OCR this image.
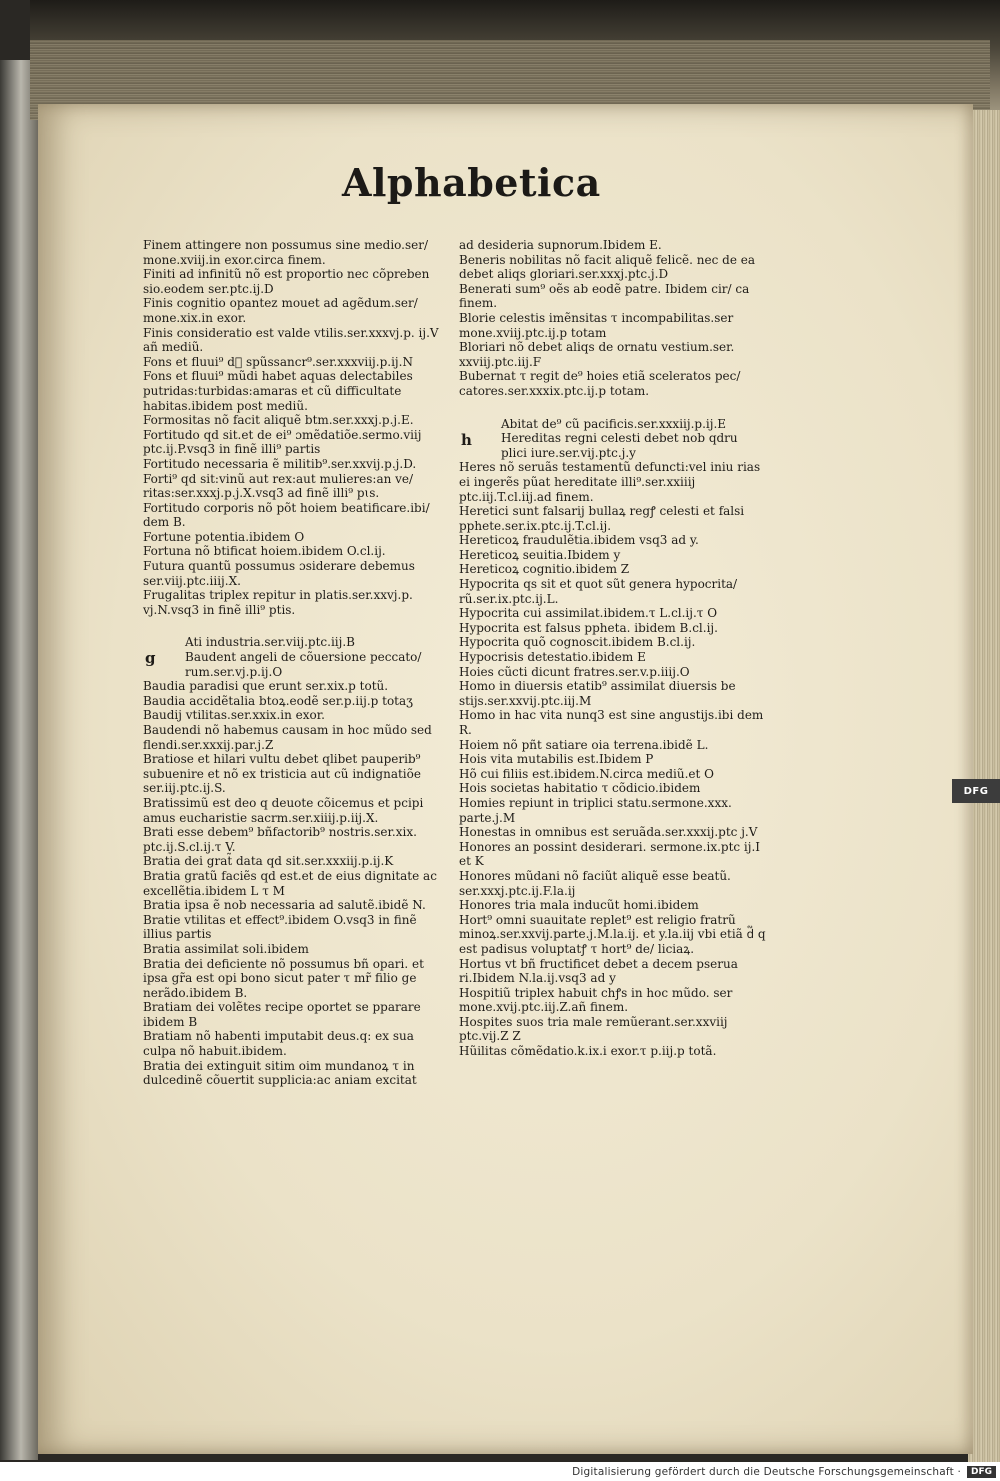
DFG
Alphabetica

Finem attingere non possumus sine medio.ser/ mone.xviij.in exor.circa finem.

Finiti ad infinitũ nõ est proportio nec cõpreben sio.eodem ser.ptc.ij.D

Finis cognitio opantez mouet ad agẽdum.ser/ mone.xix.in exor.

Finis consideratio est valde vtilis.ser.xxxvj.p. ij.V añ mediũ.

Fons et fluui⁹ d᷑ spũssancr⁹.ser.xxxviij.p.ij.N

Fons et fluui⁹ mũdi habet aquas delectabiles putridas:turbidas:amaras et cũ difficultate habitas.ibidem post mediũ.

Formositas nõ facit aliquẽ btm.ser.xxxj.p.j.E.

Fortitudo qd sit.et de ei⁹ ɔmẽdatiõe.sermo.viij ptc.ij.P.vsq3 in finẽ illi⁹ partis

Fortitudo necessaria ẽ militib⁹.ser.xxvij.p.j.D.

Forti⁹ qd sit:vinũ aut rex:aut mulieres:an ve/ ritas:ser.xxxj.p.j.X.vsq3 ad finẽ illi⁹ pɩs.

Fortitudo corporis nõ põt hoiem beatificare.ibi/ dem B.

Fortune potentia.ibidem O

Fortuna nõ btificat hoiem.ibidem O.cl.ij.

Futura quantũ possumus ɔsiderare debemus ser.viij.ptc.iiij.X.

Frugalitas triplex repitur in platis.ser.xxvj.p. vj.N.vsq3 in finẽ illi⁹ ptis.

g

Ati industria.ser.viij.ptc.iij.B

Baudent angeli de cõuersione peccato/ rum.ser.vj.p.ij.O

Baudia paradisi que erunt ser.xix.p totũ.

Baudia accidẽtalia btoꝝ.eodẽ ser.p.iij.p totaʒ

Baudij vtilitas.ser.xxix.in exor.

Baudendi nõ habemus causam in hoc mũdo sed flendi.ser.xxxij.par.j.Z

Bratiose et hilari vultu debet qlibet pauperib⁹ subuenire et nõ ex tristicia aut cũ indignatiõe ser.iij.ptc.ij.S.

Bratissimũ est deo q deuote cõicemus et pcipi amus eucharistie sacrm.ser.xiiij.p.iij.X.

Brati esse debem⁹ bñfactorib⁹ nostris.ser.xix. ptc.ij.S.cl.ij.τ V.

Bratia dei grat̃ data qd sit.ser.xxxiij.p.ij.K

Bratia gratũ faciẽs qd est.et de eius dignitate ac excellẽtia.ibidem L τ M

Bratia ipsa ẽ nob necessaria ad salutẽ.ibidẽ N.

Bratie vtilitas et effect⁹.ibidem O.vsq3 in finẽ illius partis

Bratia assimilat soli.ibidem

Bratia dei deficiente nõ possumus bñ opari. et ipsa gr̃a est opi bono sicut pater τ mr̃ filio ge nerãdo.ibidem B.

Bratiam dei volẽtes recipe oportet se pparare ibidem B

Bratiam nõ habenti imputabit deus.q: ex sua culpa nõ habuit.ibidem.

Bratia dei extinguit sitim oim mundanoꝝ τ in dulcedinẽ cõuertit supplicia:ac aniam excitat

ad desideria supnorum.Ibidem E.

Beneris nobilitas nõ facit aliquẽ felicẽ. nec de ea debet aliqs gloriari.ser.xxxj.ptc.j.D

Benerati sum⁹ oẽs ab eodẽ patre. Ibidem cir/ ca finem.

Blorie celestis imẽnsitas τ incompabilitas.ser mone.xviij.ptc.ij.p totam

Bloriari nõ debet aliqs de ornatu vestium.ser. xxviij.ptc.iij.F

Bubernat τ regit de⁹ hoies etiã sceleratos pec/ catores.ser.xxxix.ptc.ij.p totam.

h

Abitat de⁹ cũ pacificis.ser.xxxiij.p.ij.E

Hereditas regni celesti debet nob qdru plici iure.ser.vij.ptc.j.y

Heres nõ seruãs testamentũ defuncti:vel iniu rias ei ingerẽs pũat hereditate illi⁹.ser.xxiiij ptc.iij.T.cl.iij.ad finem.

Heretici sunt falsarij bullaꝝ regꝭ celesti et falsi pphete.ser.ix.ptc.ij.T.cl.ij.

Hereticoꝝ fraudulẽtia.ibidem vsq3 ad y.

Hereticoꝝ seuitia.Ibidem y

Hereticoꝝ cognitio.ibidem Z

Hypocrita qs sit et quot sũt genera hypocrita/ rũ.ser.ix.ptc.ij.L.

Hypocrita cui assimilat.ibidem.τ L.cl.ij.τ O

Hypocrita est falsus ppheta. ibidem B.cl.ij.

Hypocrita quõ cognoscit.ibidem B.cl.ij.

Hypocrisis detestatio.ibidem E

Hoies cũcti dicunt fratres.ser.v.p.iiij.O

Homo in diuersis etatib⁹ assimilat diuersis be stijs.ser.xxvij.ptc.iij.M

Homo in hac vita nunq3 est sine angustijs.ibi dem R.

Hoiem nõ pñt satiare oia terrena.ibidẽ L.

Hois vita mutabilis est.Ibidem P

Hõ cui filiis est.ibidem.N.circa mediũ.et O

Hois societas habitatio τ cõdicio.ibidem

Homies repiunt in triplici statu.sermone.xxx. parte.j.M

Honestas in omnibus est seruãda.ser.xxxij.ptc j.V

Honores an possint desiderari. sermone.ix.ptc ij.I et K

Honores mũdani nõ faciũt aliquẽ esse beatũ. ser.xxxj.ptc.ij.F.la.ij

Honores tria mala inducũt homi.ibidem

Hort⁹ omni suauitate replet⁹ est religio fratrũ minoꝝ.ser.xxvij.parte.j.M.la.ij. et y.la.iij vbi etiã d᷑ q est padisus voluptatꝭ τ hort⁹ de/ liciaꝝ.

Hortus vt bñ fructificet debet a decem pserua ri.Ibidem N.la.ij.vsq3 ad y

Hospitiũ triplex habuit chꝭs in hoc mũdo. ser mone.xvij.ptc.iij.Z.añ finem.

Hospites suos tria male remũerant.ser.xxviij ptc.vij.Z Z

Hũilitas cõmẽdatio.k.ix.i exor.τ p.iij.p totã.

Digitalisierung gefördert durch die Deutsche Forschungsgemeinschaft ·	DFG
